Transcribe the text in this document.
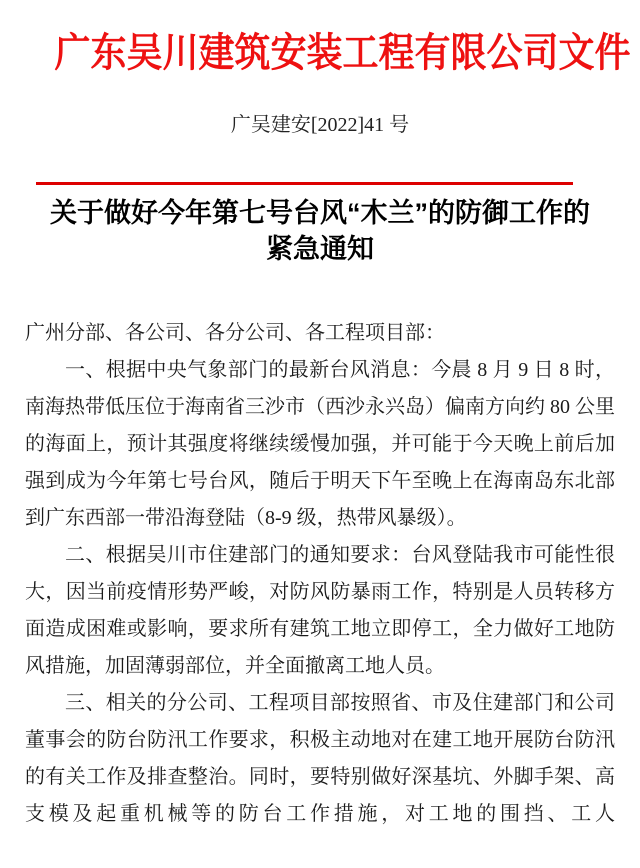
广东吴川建筑安装工程有限公司文件
广吴建安[2022]41 号
关于做好今年第七号台风“木兰”的防御工作的
紧急通知
广州分部、各公司、各分公司、各工程项目部：

一、根据中央气象部门的最新台风消息：今晨 8 月 9 日 8 时，南海热带低压位于海南省三沙市（西沙永兴岛）偏南方向约 80 公里的海面上，预计其强度将继续缓慢加强，并可能于今天晚上前后加强到成为今年第七号台风，随后于明天下午至晚上在海南岛东北部到广东西部一带沿海登陆（8-9 级，热带风暴级）。

二、根据吴川市住建部门的通知要求：台风登陆我市可能性很大，因当前疫情形势严峻，对防风防暴雨工作，特别是人员转移方面造成困难或影响，要求所有建筑工地立即停工，全力做好工地防风措施，加固薄弱部位，并全面撤离工地人员。

三、相关的分公司、工程项目部按照省、市及住建部门和公司董事会的防台防汛工作要求，积极主动地对在建工地开展防台防汛的有关工作及排查整治。同时，要特别做好深基坑、外脚手架、高支模及起重机械等的防台工作措施，对工地的围挡、工人
